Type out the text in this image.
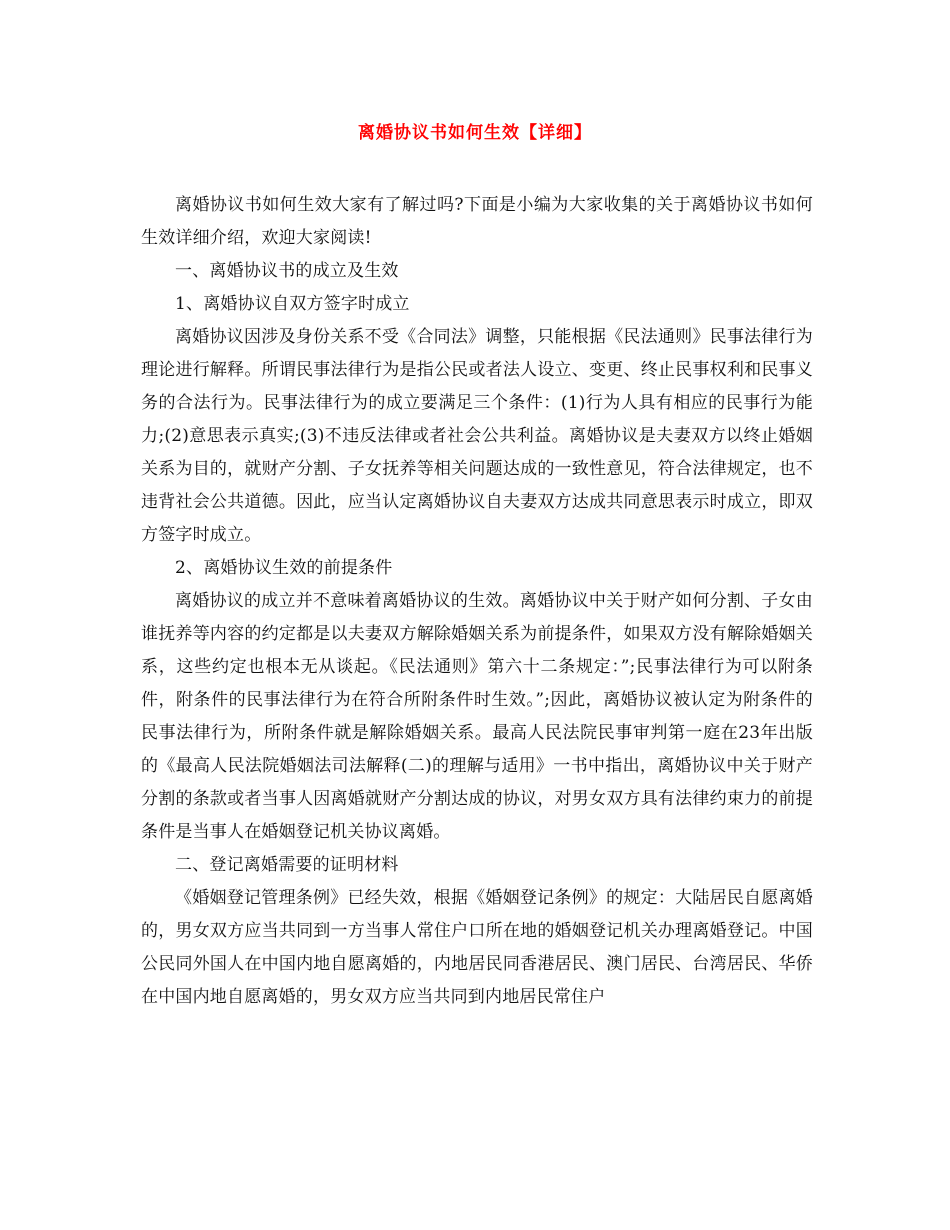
离婚协议书如何生效【详细】

离婚协议书如何生效大家有了解过吗?下面是小编为大家收集的关于离婚协议书如何生效详细介绍，欢迎大家阅读!

一、离婚协议书的成立及生效

1、离婚协议自双方签字时成立

离婚协议因涉及身份关系不受《合同法》调整，只能根据《民法通则》民事法律行为理论进行解释。所谓民事法律行为是指公民或者法人设立、变更、终止民事权利和民事义务的合法行为。民事法律行为的成立要满足三个条件：(1)行为人具有相应的民事行为能力;(2)意思表示真实;(3)不违反法律或者社会公共利益。离婚协议是夫妻双方以终止婚姻关系为目的，就财产分割、子女抚养等相关问题达成的一致性意见，符合法律规定，也不违背社会公共道德。因此，应当认定离婚协议自夫妻双方达成共同意思表示时成立，即双方签字时成立。

2、离婚协议生效的前提条件

离婚协议的成立并不意味着离婚协议的生效。离婚协议中关于财产如何分割、子女由谁抚养等内容的约定都是以夫妻双方解除婚姻关系为前提条件，如果双方没有解除婚姻关系，这些约定也根本无从谈起。《民法通则》第六十二条规定：”;民事法律行为可以附条件，附条件的民事法律行为在符合所附条件时生效。”;因此，离婚协议被认定为附条件的民事法律行为，所附条件就是解除婚姻关系。最高人民法院民事审判第一庭在23年出版的《最高人民法院婚姻法司法解释(二)的理解与适用》一书中指出，离婚协议中关于财产分割的条款或者当事人因离婚就财产分割达成的协议，对男女双方具有法律约束力的前提条件是当事人在婚姻登记机关协议离婚。

二、登记离婚需要的证明材料

《婚姻登记管理条例》已经失效，根据《婚姻登记条例》的规定：大陆居民自愿离婚的，男女双方应当共同到一方当事人常住户口所在地的婚姻登记机关办理离婚登记。中国公民同外国人在中国内地自愿离婚的，内地居民同香港居民、澳门居民、台湾居民、华侨在中国内地自愿离婚的，男女双方应当共同到内地居民常住户
